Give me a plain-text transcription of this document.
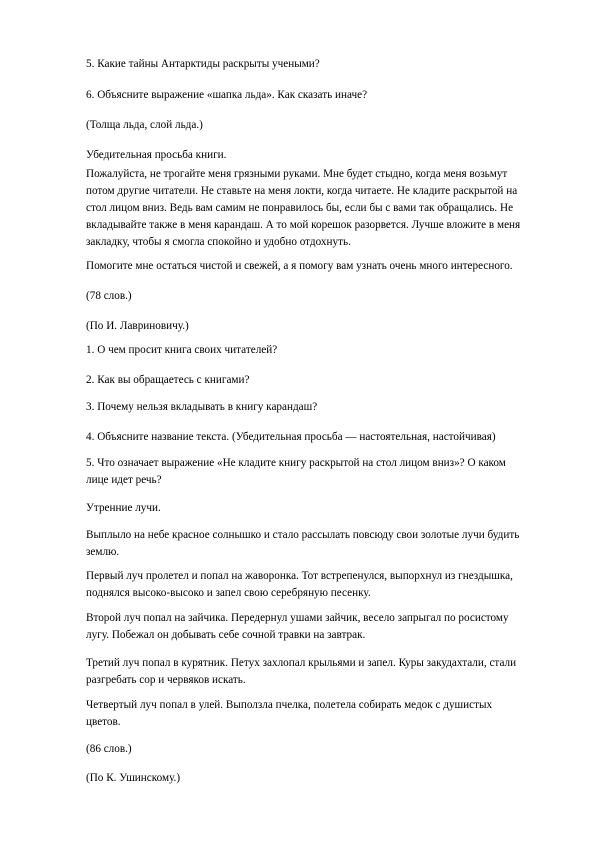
5. Какие тайны Антарктиды раскрыты учеными?

6. Объясните выражение «шапка льда». Как сказать иначе?

(Толща льда, слой льда.)

Убедительная просьба книги.

Пожалуйста, не трогайте меня грязными руками. Мне будет стыдно, когда меня возьмут потом другие читатели. Не ставьте на меня локти, когда читаете. Не кладите раскрытой на стол лицом вниз. Ведь вам самим не понравилось бы, если бы с вами так обращались. Не вкладывайте также в меня карандаш. А то мой корешок разорвется. Лучше вложите в меня закладку, чтобы я смогла спокойно и удобно отдохнуть.

Помогите мне остаться чистой и свежей, а я помогу вам узнать очень много интересного.

(78 слов.)

(По И. Лавриновичу.)

1. О чем просит книга своих читателей?

2. Как вы обращаетесь с книгами?

3. Почему нельзя вкладывать в книгу карандаш?

4. Объясните название текста. (Убедительная просьба — настоятельная, настойчивая)

5. Что означает выражение «Не кладите книгу раскрытой на стол лицом вниз»? О каком лице идет речь?

Утренние лучи.

Выплыло на небе красное солнышко и стало рассылать повсюду свои золотые лучи будить землю.

Первый луч пролетел и попал на жаворонка. Тот встрепенулся, выпорхнул из гнездышка, поднялся высоко-высоко и запел свою серебряную песенку.

Второй луч попал на зайчика. Передернул ушами зайчик, весело запрыгал по росистому лугу. Побежал он добывать себе сочной травки на завтрак.

Третий луч попал в курятник. Петух захлопал крыльями и запел. Куры закудахтали, стали разгребать сор и червяков искать.

Четвертый луч попал в улей. Выползла пчелка, полетела собирать медок с душистых цветов.

(86 слов.)

(По К. Ушинскому.)
